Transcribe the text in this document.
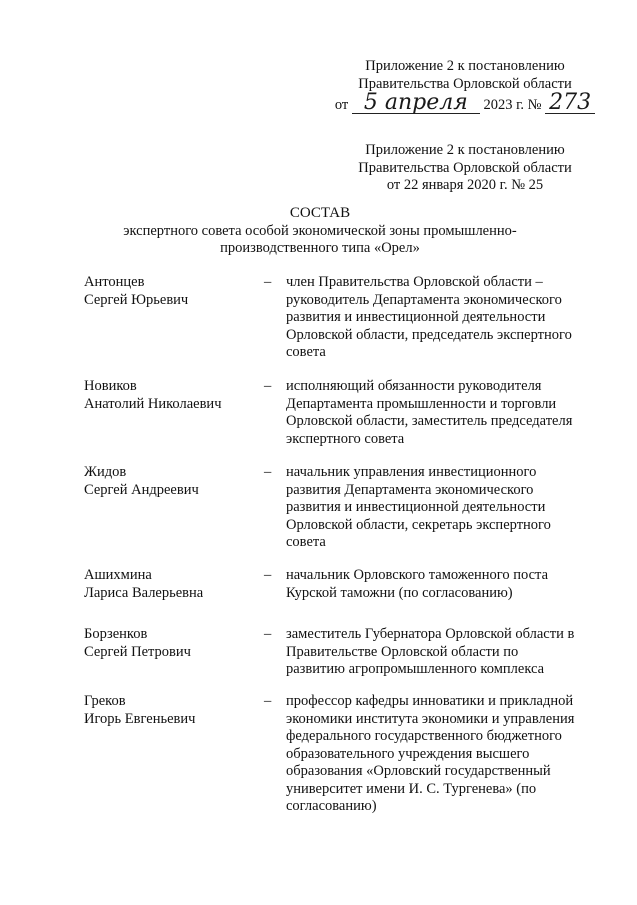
Приложение 2 к постановлению
Правительства Орловской области
от 5 апреля 2023 г. № 273
Приложение 2 к постановлению
Правительства Орловской области
от 22 января 2020 г. № 25
СОСТАВ
экспертного совета особой экономической зоны промышленно-
производственного типа «Орел»
Антонцев
Сергей Юрьевич
– член Правительства Орловской области –
руководитель Департамента экономического
развития и инвестиционной деятельности
Орловской области, председатель экспертного
совета
Новиков
Анатолий Николаевич
– исполняющий обязанности руководителя
Департамента промышленности и торговли
Орловской области, заместитель председателя
экспертного совета
Жидов
Сергей Андреевич
– начальник управления инвестиционного
развития Департамента экономического
развития и инвестиционной деятельности
Орловской области, секретарь экспертного
совета
Ашихмина
Лариса Валерьевна
– начальник Орловского таможенного поста
Курской таможни (по согласованию)
Борзенков
Сергей Петрович
– заместитель Губернатора Орловской области в
Правительстве Орловской области по
развитию агропромышленного комплекса
Греков
Игорь Евгеньевич
– профессор кафедры инноватики и прикладной
экономики института экономики и управления
федерального государственного бюджетного
образовательного учреждения высшего
образования «Орловский государственный
университет имени И. С. Тургенева» (по
согласованию)
